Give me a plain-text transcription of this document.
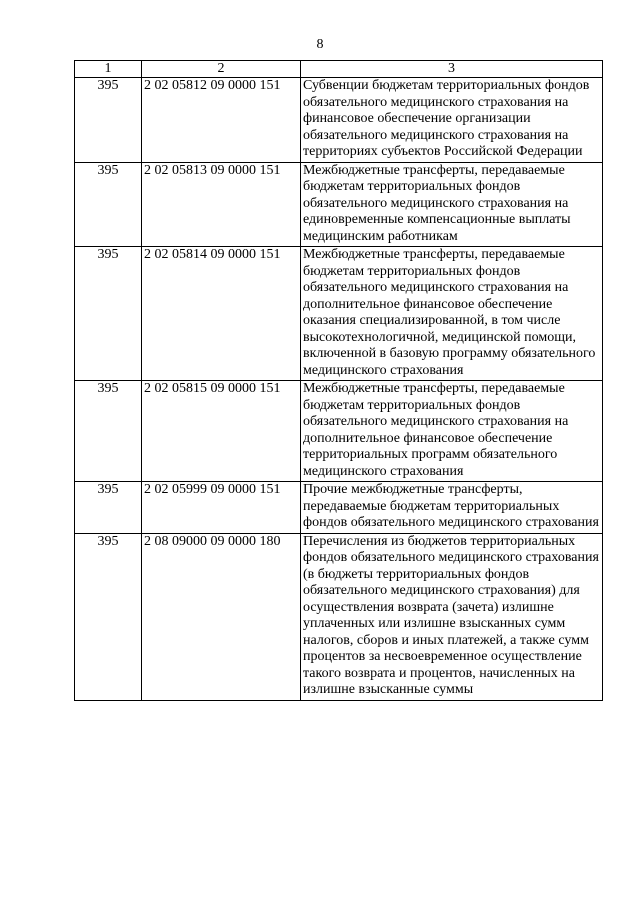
8
1	2	3
395	2 02 05812 09 0000 151	Субвенции бюджетам территориальных фондов обязательного медицинского страхования на финансовое обеспечение организации обязательного медицинского страхования на территориях субъектов Российской Федерации
395	2 02 05813 09 0000 151	Межбюджетные трансферты, передаваемые бюджетам территориальных фондов обязательного медицинского страхования на единовременные компенсационные выплаты медицинским работникам
395	2 02 05814 09 0000 151	Межбюджетные трансферты, передаваемые бюджетам территориальных фондов обязательного медицинского страхования на дополнительное финансовое обеспечение оказания специализированной, в том числе высокотехнологичной, медицинской помощи, включенной в базовую программу обязательного медицинского страхования
395	2 02 05815 09 0000 151	Межбюджетные трансферты, передаваемые бюджетам территориальных фондов обязательного медицинского страхования на дополнительное финансовое обеспечение территориальных программ обязательного медицинского страхования
395	2 02 05999 09 0000 151	Прочие межбюджетные трансферты, передаваемые бюджетам территориальных фондов обязательного медицинского страхования
395	2 08 09000 09 0000 180	Перечисления из бюджетов территориальных фондов обязательного медицинского страхования (в бюджеты территориальных фондов обязательного медицинского страхования) для осуществления возврата (зачета) излишне уплаченных или излишне взысканных сумм налогов, сборов и иных платежей, а также сумм процентов за несвоевременное осуществление такого возврата и процентов, начисленных на излишне взысканные суммы
